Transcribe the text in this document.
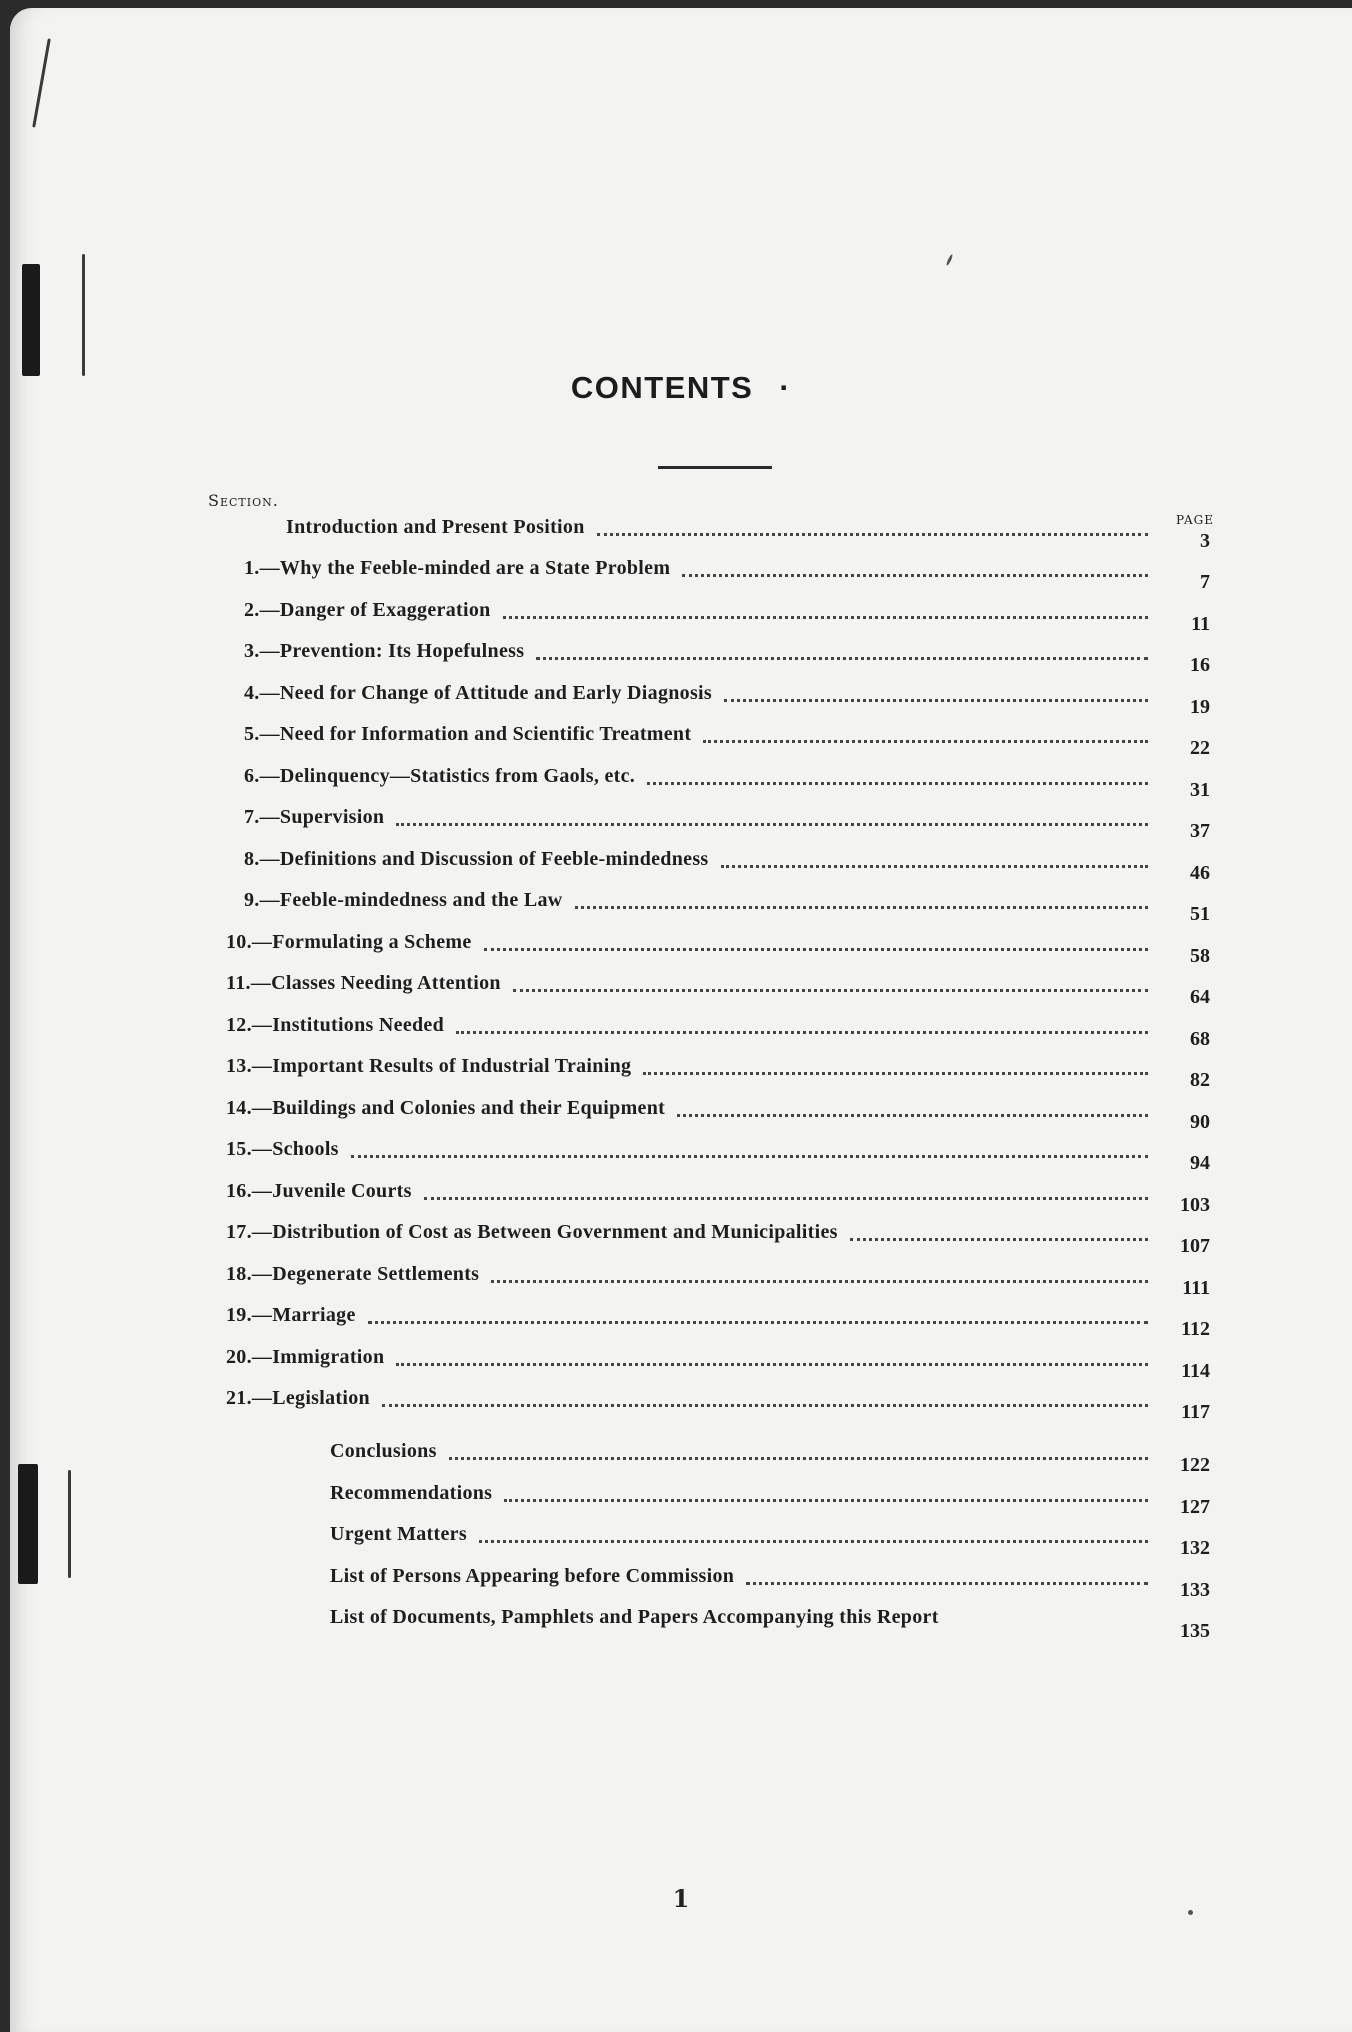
CONTENTS ·
Section.
PAGE
Introduction and Present Position
3
1.—Why the Feeble-minded are a State Problem
7
2.—Danger of Exaggeration
11
3.—Prevention: Its Hopefulness
16
4.—Need for Change of Attitude and Early Diagnosis
19
5.—Need for Information and Scientific Treatment
22
6.—Delinquency—Statistics from Gaols, etc.
31
7.—Supervision
37
8.—Definitions and Discussion of Feeble-mindedness
46
9.—Feeble-mindedness and the Law
51
10.—Formulating a Scheme
58
11.—Classes Needing Attention
64
12.—Institutions Needed
68
13.—Important Results of Industrial Training
82
14.—Buildings and Colonies and their Equipment
90
15.—Schools
94
16.—Juvenile Courts
103
17.—Distribution of Cost as Between Government and Municipalities
107
18.—Degenerate Settlements
111
19.—Marriage
112
20.—Immigration
114
21.—Legislation
117
Conclusions
122
Recommendations
127
Urgent Matters
132
List of Persons Appearing before Commission
133
List of Documents, Pamphlets and Papers Accompanying this Report
135
1
